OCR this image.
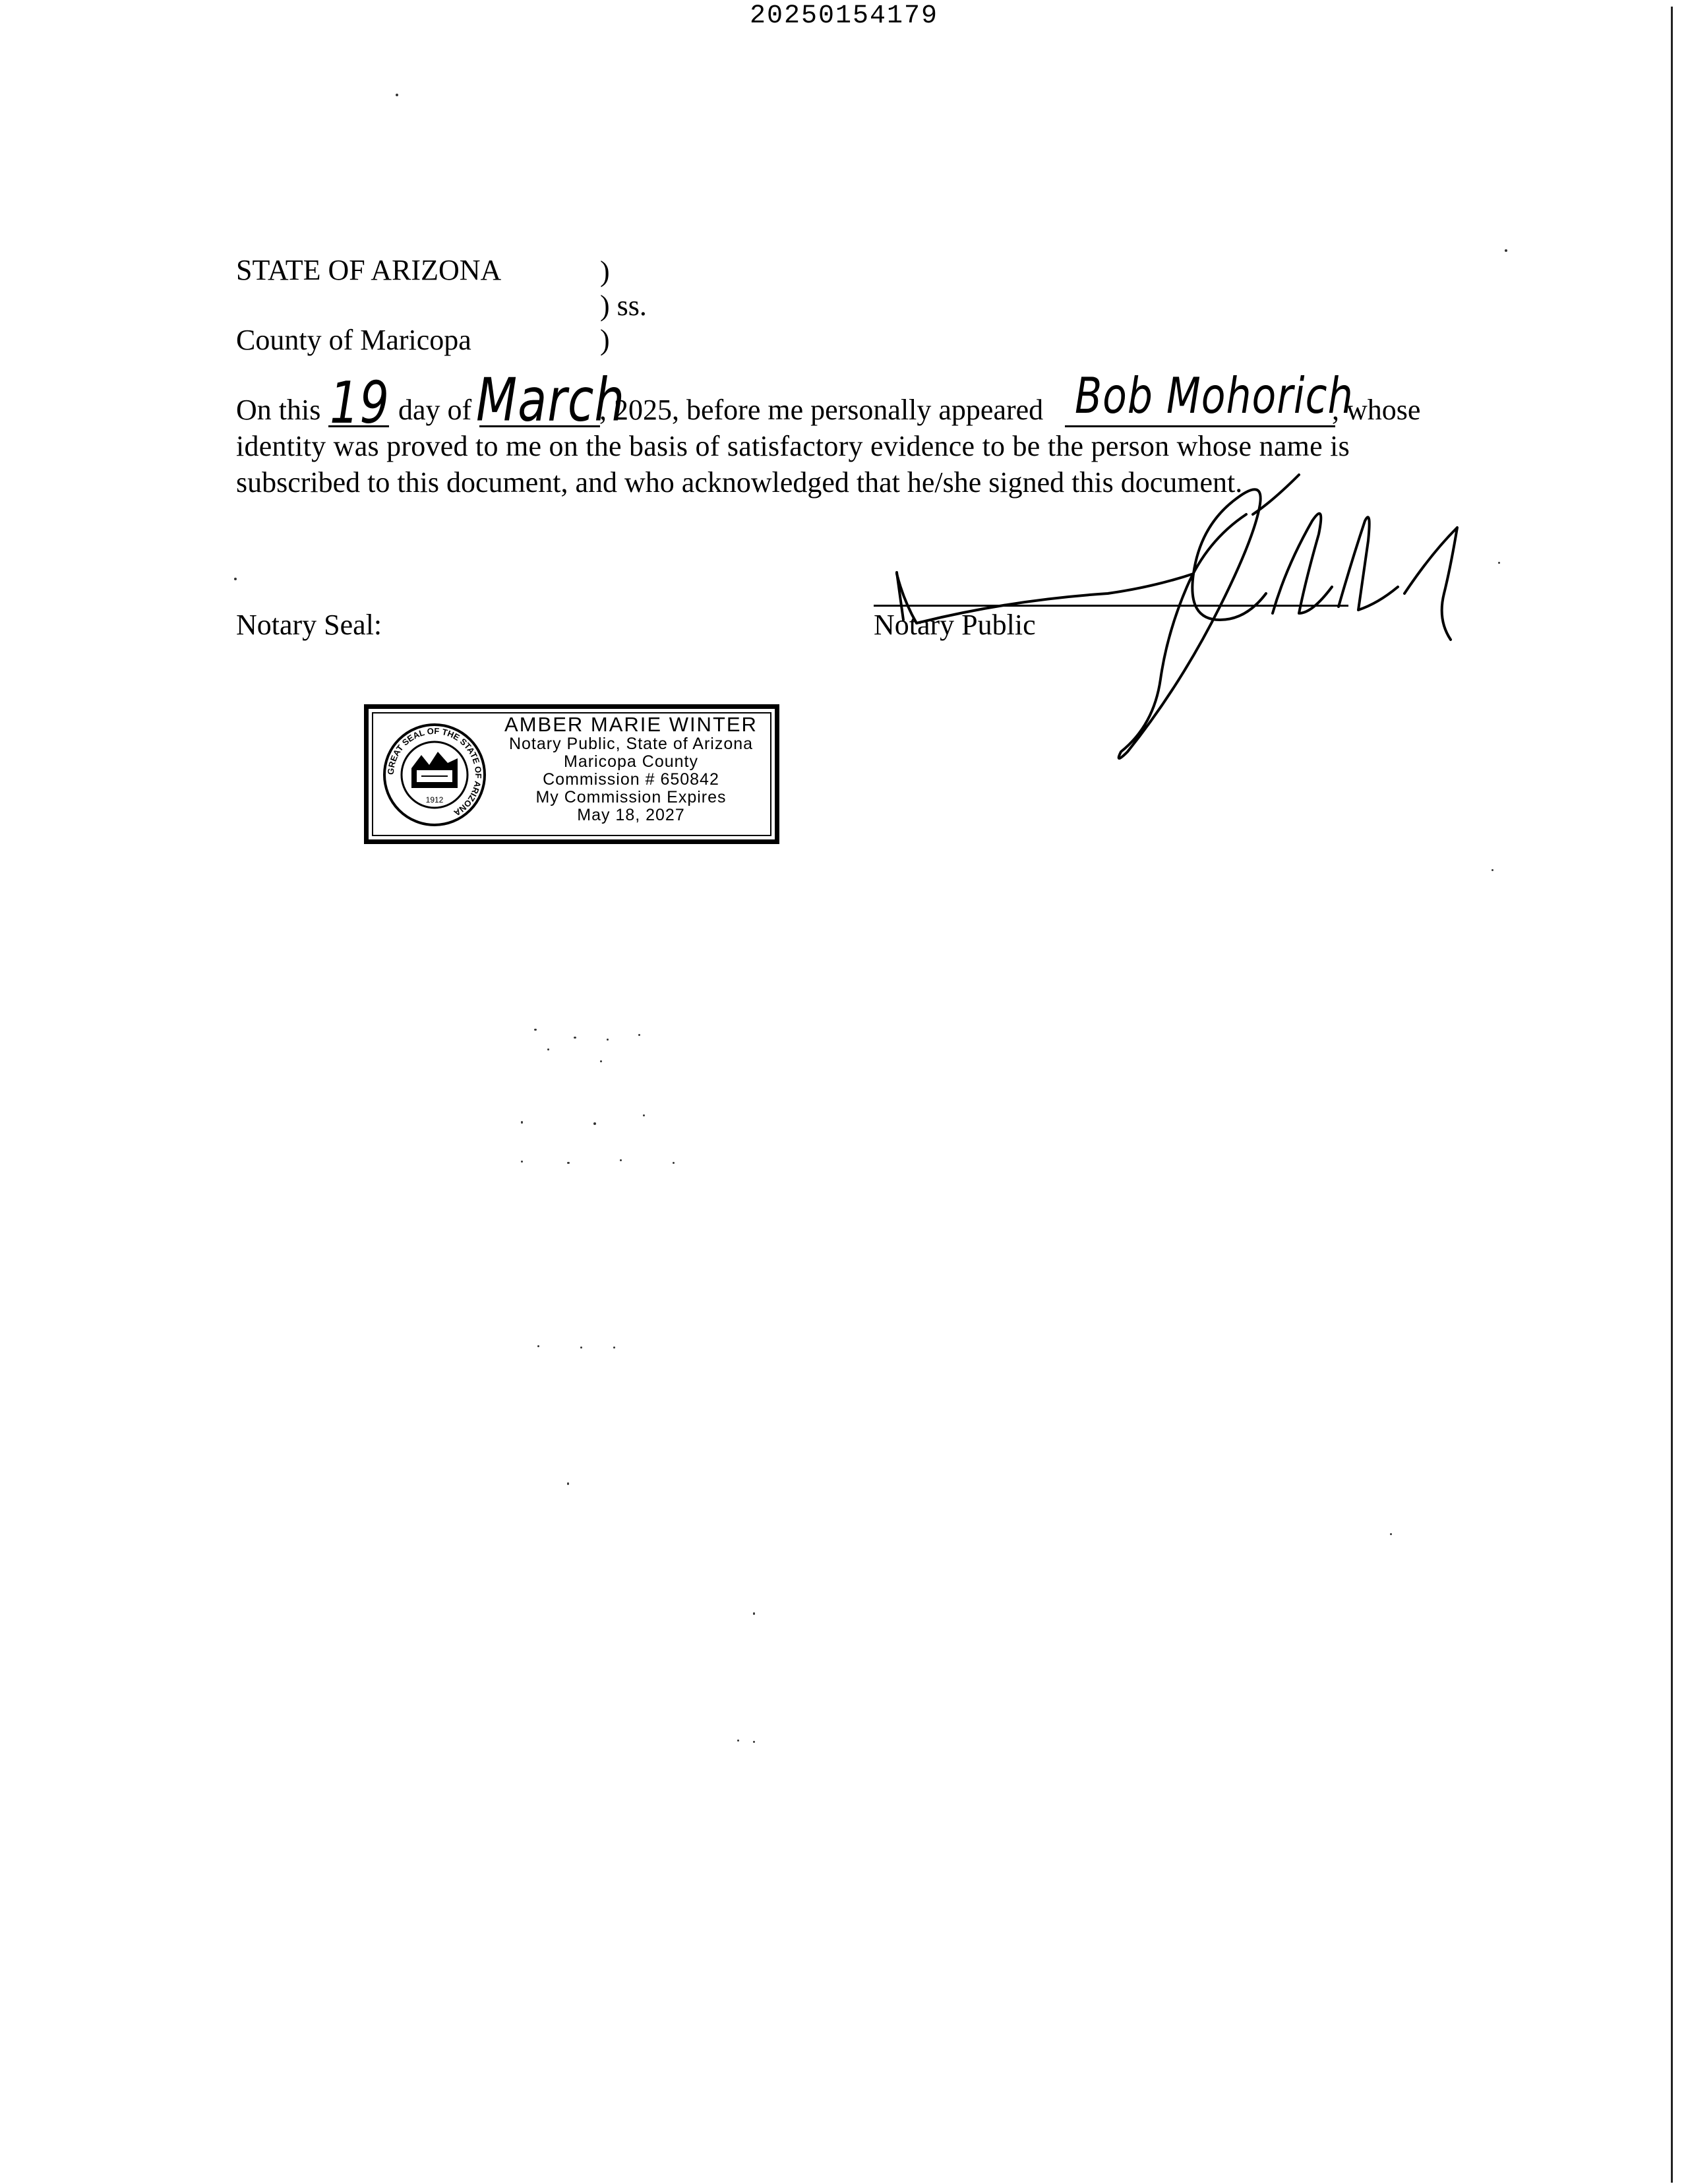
20250154179
STATE OF ARIZONA	)
) ss.
County of Maricopa	)
On this 19 day of March
, 2025, before me personally appeared Bob Mohorich
, whose
identity was proved to me on the basis of satisfactory evidence to be the person whose name is
subscribed to this document, and who acknowledged that he/she signed this document.
Notary Seal:	Notary Public
GREAT SEAL OF THE STATE OF ARIZONA
1912
AMBER MARIE WINTER
Notary Public, State of Arizona
Maricopa County
Commission # 650842
My Commission Expires
May 18, 2027
